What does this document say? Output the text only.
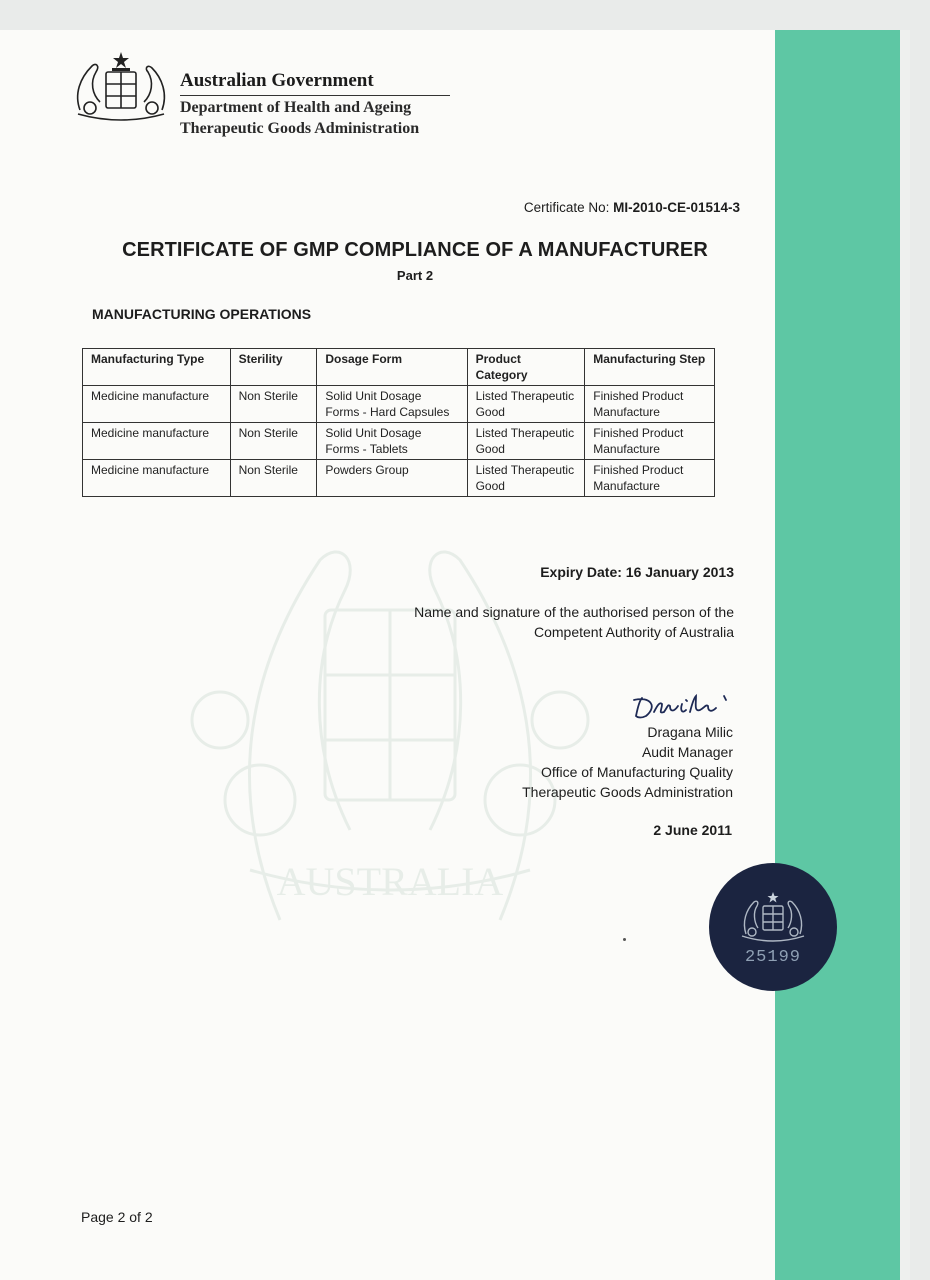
AUSTRALIA
Australian Government
Department of Health and Ageing
Therapeutic Goods Administration
Certificate No: MI-2010-CE-01514-3
CERTIFICATE OF GMP COMPLIANCE OF A MANUFACTURER
Part 2
MANUFACTURING OPERATIONS
Manufacturing Type	Sterility	Dosage Form	Product Category	Manufacturing Step
Medicine manufacture	Non Sterile	Solid Unit Dosage Forms - Hard Capsules	Listed Therapeutic Good	Finished Product Manufacture
Medicine manufacture	Non Sterile	Solid Unit Dosage Forms - Tablets	Listed Therapeutic Good	Finished Product Manufacture
Medicine manufacture	Non Sterile	Powders Group	Listed Therapeutic Good	Finished Product Manufacture
Expiry Date: 16 January 2013
Name and signature of the authorised person of the
Competent Authority of Australia
Dragana Milic
Audit Manager
Office of Manufacturing Quality
Therapeutic Goods Administration
2 June 2011
25199
Page 2 of 2
